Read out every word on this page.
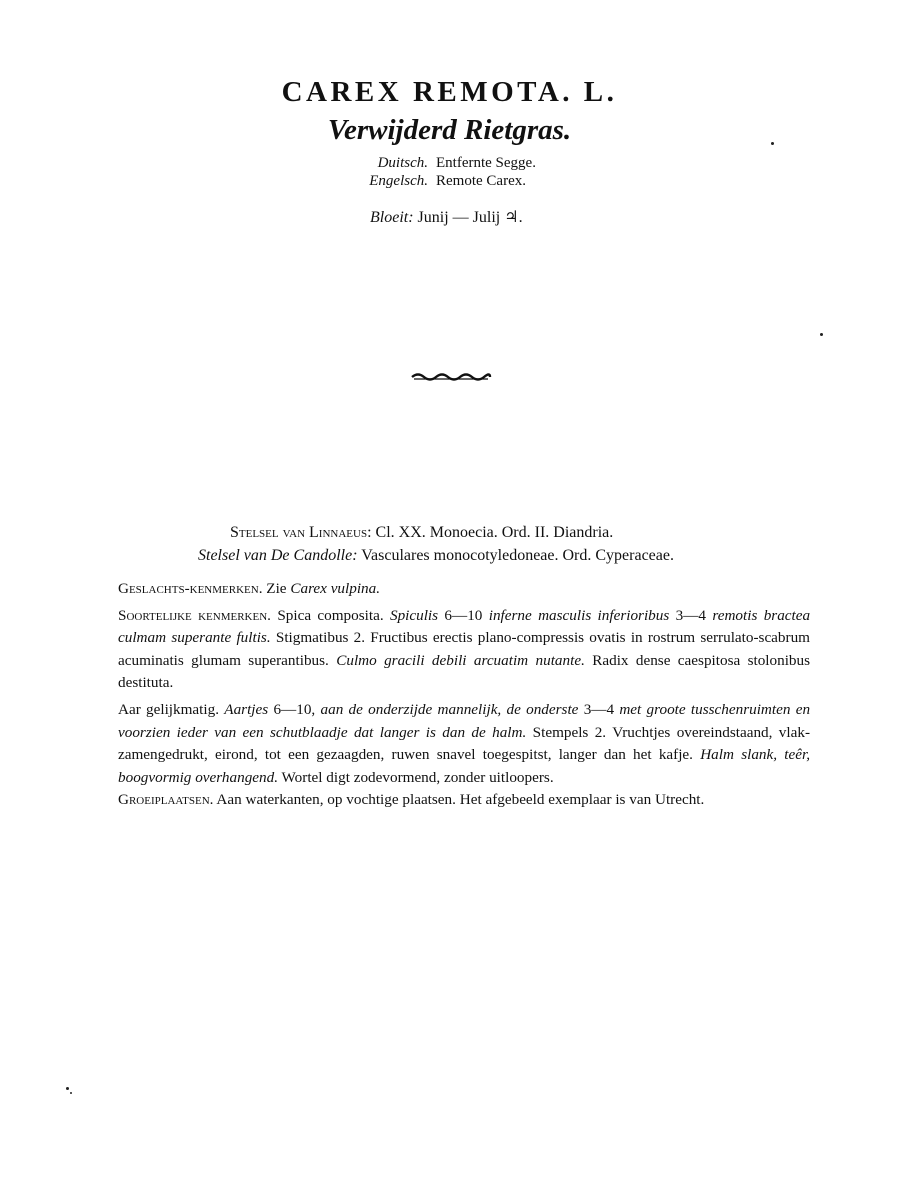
CAREX REMOTA. L.
Verwijderd Rietgras.
Duitsch. Entfernte Segge.
Engelsch. Remote Carex.
Bloeit: Junij — Julij ♃.
Stelsel van Linnaeus: Cl. XX. Monoecia. Ord. II. Diandria.
Stelsel van De Candolle: Vasculares monocotyledoneae. Ord. Cyperaceae.

Geslachts-kenmerken. Zie Carex vulpina.

Soortelijke kenmerken. Spica composita. Spiculis 6—10 inferne masculis inferioribus 3—4 remotis bractea culmam superante fultis. Stigmatibus 2. Fructibus erectis plano-compressis ovatis in rostrum serrulato-scabrum acuminatis glumam superantibus. Culmo gracili debili arcuatim nutante. Radix dense caespitosa stolonibus destituta.

Aar gelijkmatig. Aartjes 6—10, aan de onderzijde mannelijk, de onderste 3—4 met groote tusschenruimten en voorzien ieder van een schutblaadje dat langer is dan de halm. Stempels 2. Vruchtjes overeindstaand, vlak-zamengedrukt, eirond, tot een gezaagden, ruwen snavel toegespitst, langer dan het kafje. Halm slank, teêr, boogvormig overhangend. Wortel digt zodevormend, zonder uitloopers.

Groeiplaatsen. Aan waterkanten, op vochtige plaatsen. Het afgebeeld exemplaar is van Utrecht.
